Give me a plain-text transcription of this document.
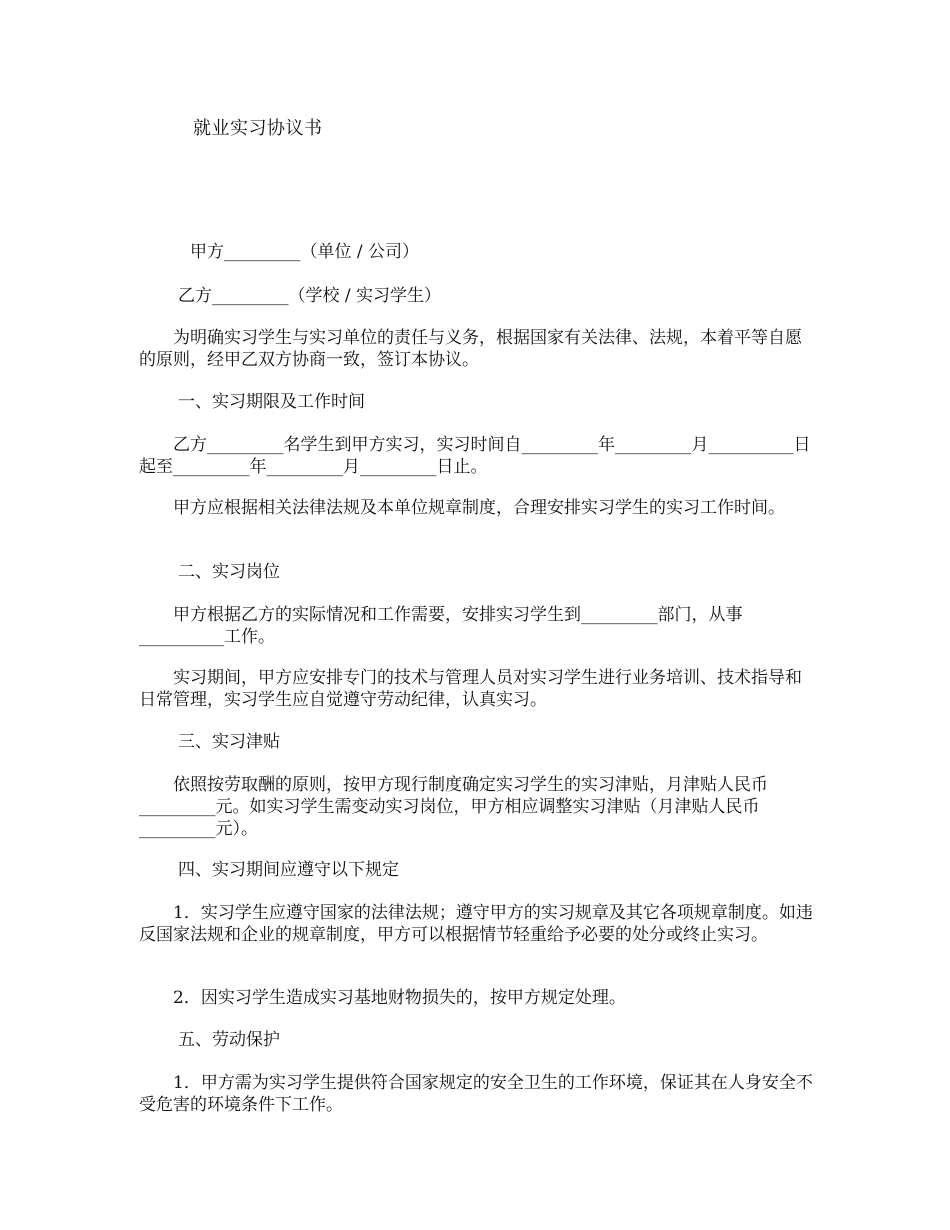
就业实习协议书
甲方_________（单位 / 公司）
乙方_________（学校 / 实习学生）
为明确实习学生与实习单位的责任与义务，根据国家有关法律、法规，本着平等自愿的原则，经甲乙双方协商一致，签订本协议。
一、实习期限及工作时间
乙方_________名学生到甲方实习，实习时间自_________年_________月__________日起至_________年_________月_________日止。
甲方应根据相关法律法规及本单位规章制度，合理安排实习学生的实习工作时间。
二、实习岗位
甲方根据乙方的实际情况和工作需要，安排实习学生到_________部门，从事__________工作。
实习期间，甲方应安排专门的技术与管理人员对实习学生进行业务培训、技术指导和日常管理，实习学生应自觉遵守劳动纪律，认真实习。
三、实习津贴
依照按劳取酬的原则，按甲方现行制度确定实习学生的实习津贴，月津贴人民币_________元。如实习学生需变动实习岗位，甲方相应调整实习津贴（月津贴人民币_________元）。
四、实习期间应遵守以下规定
1．实习学生应遵守国家的法律法规；遵守甲方的实习规章及其它各项规章制度。如违反国家法规和企业的规章制度，甲方可以根据情节轻重给予必要的处分或终止实习。
2．因实习学生造成实习基地财物损失的，按甲方规定处理。
五、劳动保护
1．甲方需为实习学生提供符合国家规定的安全卫生的工作环境，保证其在人身安全不受危害的环境条件下工作。
